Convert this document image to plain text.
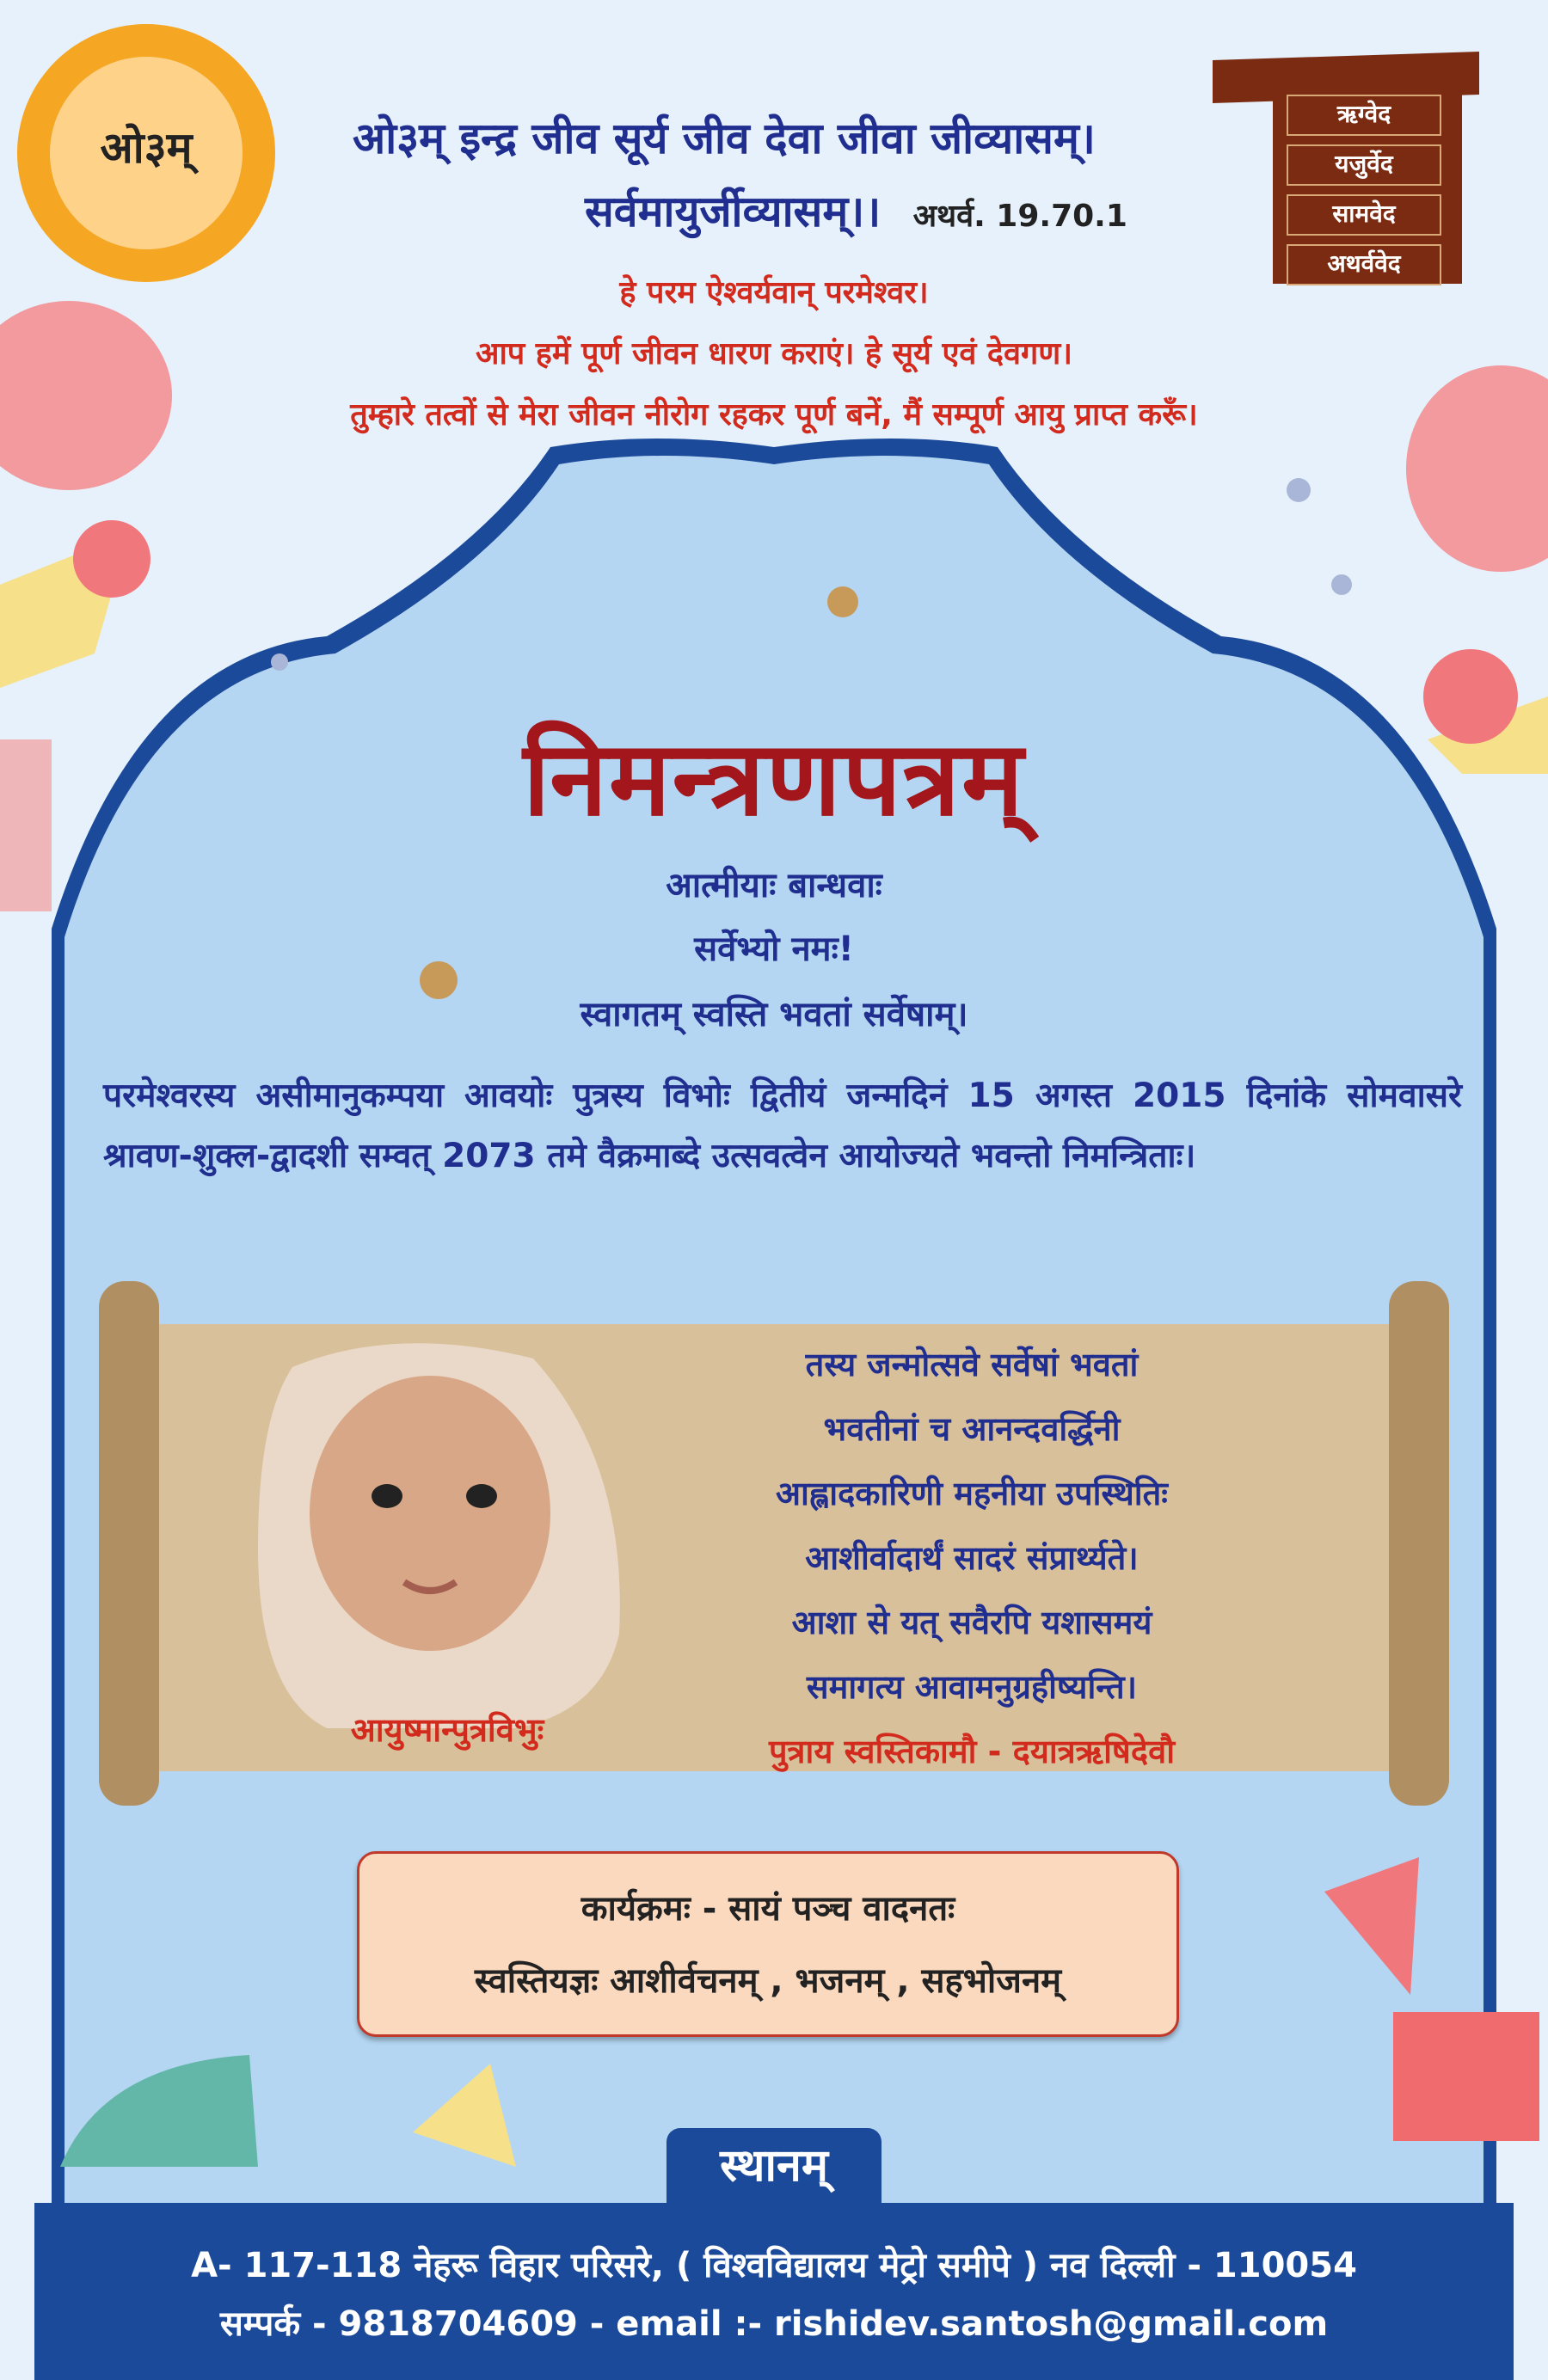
ओ३म्	ओ३म् इन्द्र जीव सूर्य जीव देवा जीवा जीव्यासम्।
सर्वमायुर्जीव्यासम्।। अथर्व. 19.70.1
ऋग्वेद
यजुर्वेद
सामवेद
अथर्ववेद
हे परम ऐश्वर्यवान् परमेश्वर।
आप हमें पूर्ण जीवन धारण कराएं। हे सूर्य एवं देवगण।
तुम्हारे तत्वों से मेरा जीवन नीरोग रहकर पूर्ण बनें, मैं सम्पूर्ण आयु प्राप्त करूँ।
निमन्त्रणपत्रम्
आत्मीयाः बान्धवाः
सर्वेभ्यो नमः!
स्वागतम् स्वस्ति भवतां सर्वेषाम्।
परमेश्वरस्य असीमानुकम्पया आवयोः पुत्रस्य विभोः द्वितीयं जन्मदिनं 15 अगस्त 2015 दिनांके सोमवासरे श्रावण-शुक्ल-द्वादशी सम्वत् 2073 तमे वैक्रमाब्दे उत्सवत्वेन आयोज्यते भवन्तो निमन्त्रिताः।
आयुष्मान्पुत्रविभुः
तस्य जन्मोत्सवे सर्वेषां भवतां
भवतीनां च आनन्दवर्द्धिनी
आह्लादकारिणी महनीया उपस्थितिः
आशीर्वादार्थं सादरं संप्रार्थ्यते।
आशा से यत् सवैरपि यशासमयं
समागत्य आवामनुग्रहीष्यन्ति।
पुत्राय स्वस्तिकामौ - दयात्रऋषिदेवौ
कार्यक्रमः - सायं पञ्च वादनतः
स्वस्तियज्ञः आशीर्वचनम् , भजनम् , सहभोजनम्
स्थानम्
A- 117-118 नेहरू विहार परिसरे, ( विश्वविद्यालय मेट्रो समीपे ) नव दिल्ली - 110054
सम्पर्क - 9818704609 - email :- rishidev.santosh@gmail.com
